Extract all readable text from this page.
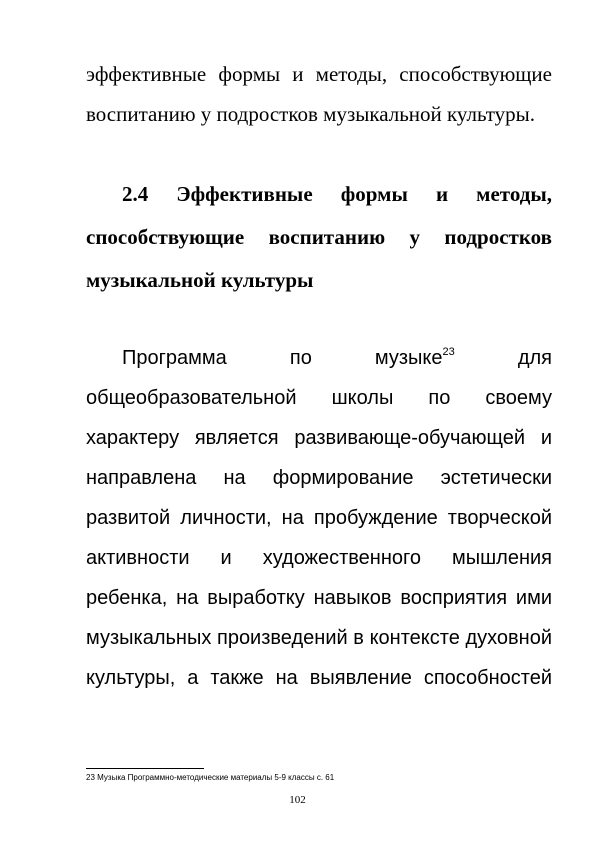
эффективные формы и методы, способствующие
воспитанию у подростков музыкальной культуры.
2.4 Эффективные формы и методы,
способствующие воспитанию у подростков
музыкальной культуры
Программа по музыке$^{23}$	для
общеобразовательной школы по своему
характеру является развивающе-обучающей и
направлена на формирование эстетически
развитой личности, на пробуждение творческой
активности и художественного мышления
ребенка, на выработку навыков восприятия ими
музыкальных произведений в контексте духовной
культуры, а также на выявление способностей
23 Музыка Программно-методические материалы 5-9 классы с. 61
102
